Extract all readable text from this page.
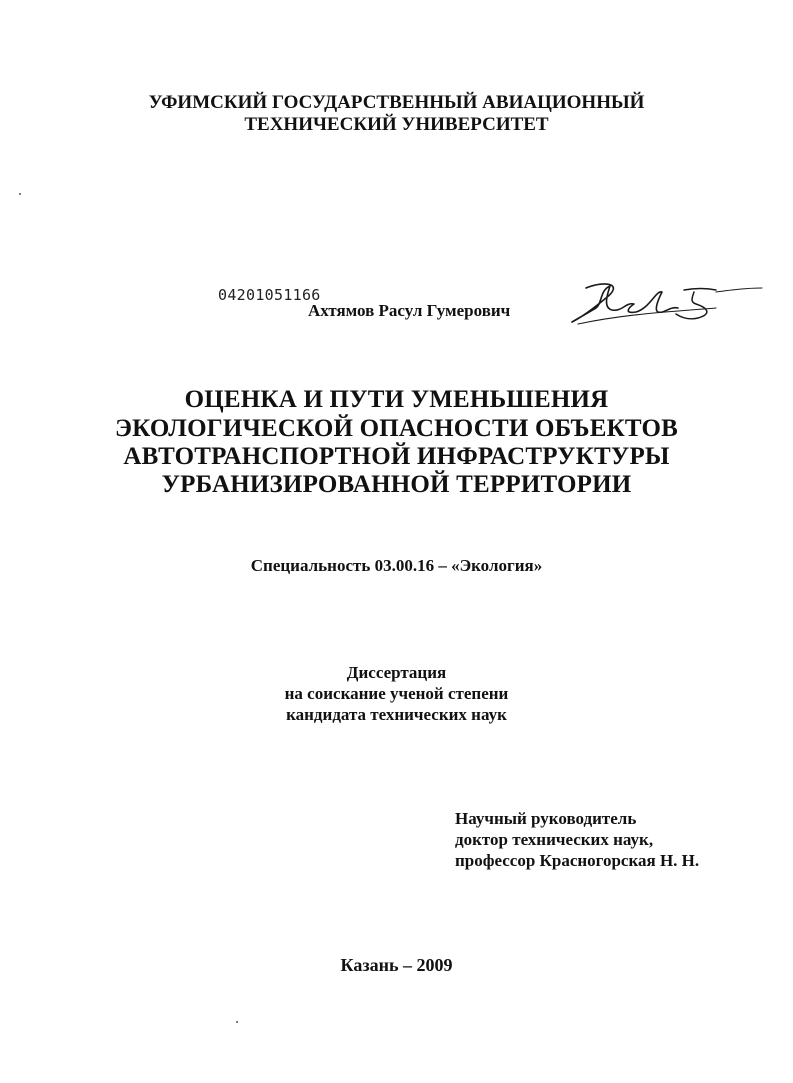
УФИМСКИЙ ГОСУДАРСТВЕННЫЙ АВИАЦИОННЫЙ
ТЕХНИЧЕСКИЙ УНИВЕРСИТЕТ
04201051166
Ахтямов Расул Гумерович
ОЦЕНКА И ПУТИ УМЕНЬШЕНИЯ
ЭКОЛОГИЧЕСКОЙ ОПАСНОСТИ ОБЪЕКТОВ
АВТОТРАНСПОРТНОЙ ИНФРАСТРУКТУРЫ
УРБАНИЗИРОВАННОЙ ТЕРРИТОРИИ
Специальность 03.00.16 – «Экология»
Диссертация
на соискание ученой степени
кандидата технических наук
Научный руководитель
доктор технических наук,
профессор Красногорская Н. Н.
Казань – 2009
